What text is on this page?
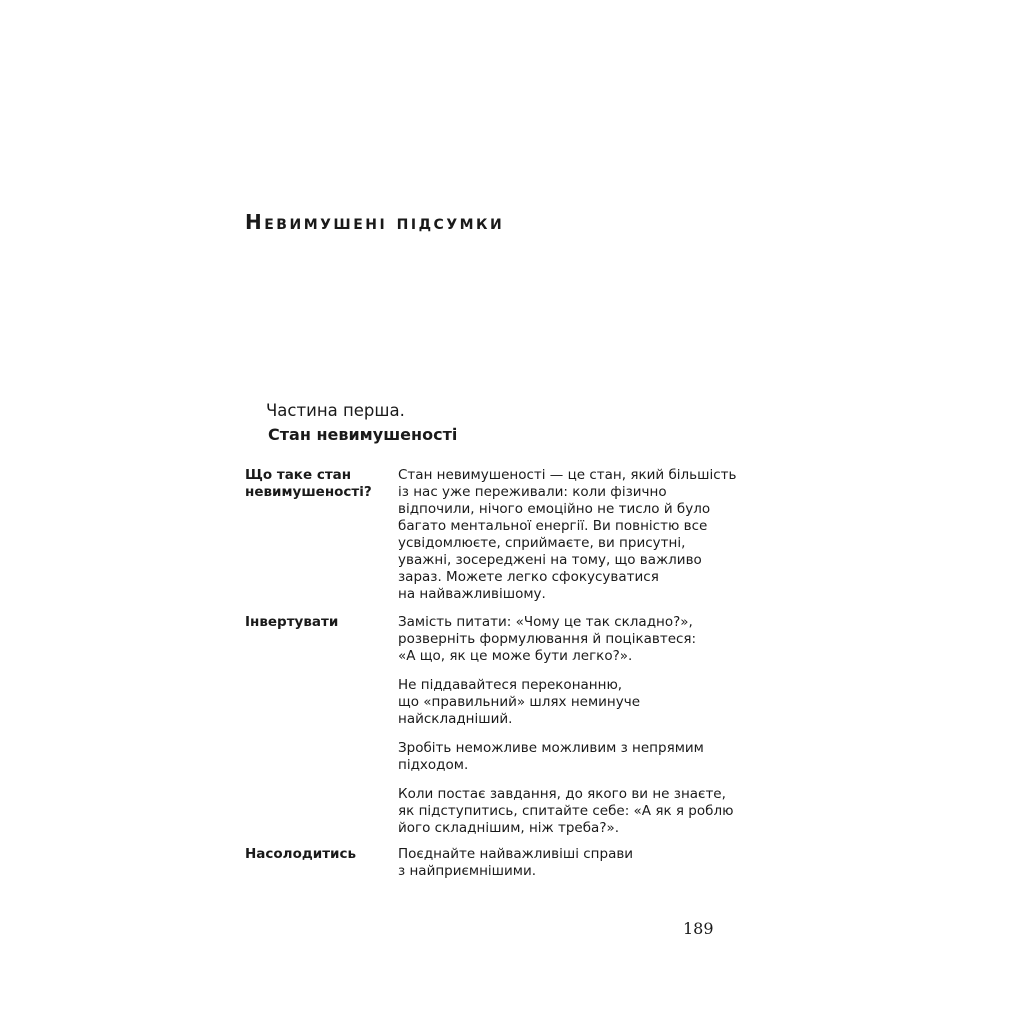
Невимушені підсумки
Частина перша.
Стан невимушеності
Що таке стан
невимушеності?

Стан невимушеності — це стан, який більшість
із нас уже переживали: коли фізично
відпочили, нічого емоційно не тисло й було
багато ментальної енергії. Ви повністю все
усвідомлюєте, сприймаєте, ви присутні,
уважні, зосереджені на тому, що важливо
зараз. Можете легко сфокусуватися
на найважливішому.

Інвертувати	Замість питати: «Чому це так складно?»,
розверніть формулювання й поцікавтеся:
«А що, як це може бути легко?».

Не піддавайтеся переконанню,
що «правильний» шлях неминуче
найскладніший.

Зробіть неможливе можливим з непрямим
підходом.

Коли постає завдання, до якого ви не знаєте,
як підступитись, спитайте себе: «А як я роблю
його складнішим, ніж треба?».

Насолодитись	Поєднайте найважливіші справи
з найприємнішими.

189
